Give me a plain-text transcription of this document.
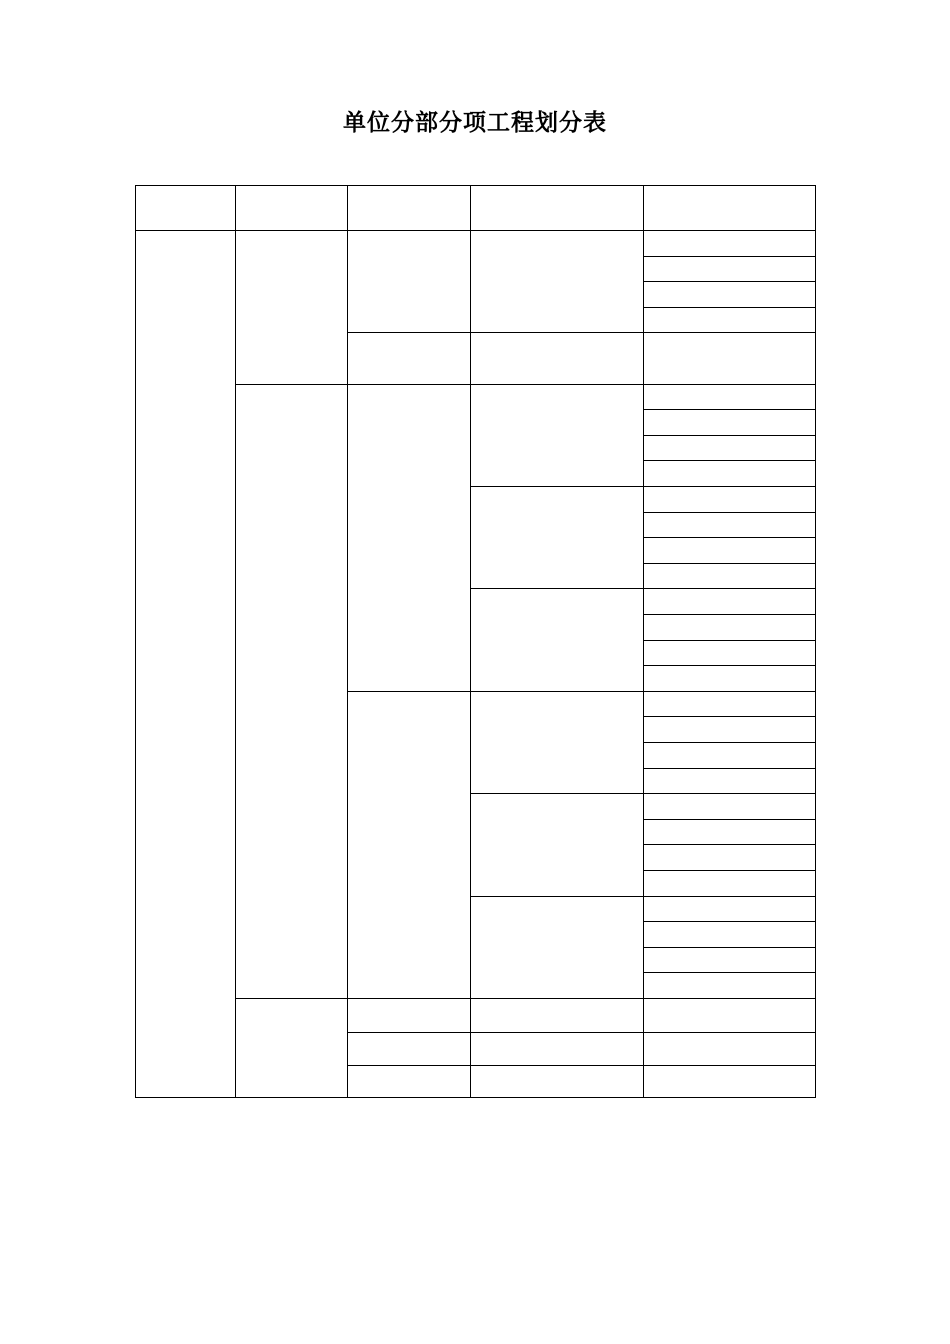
单位分部分项工程划分表
